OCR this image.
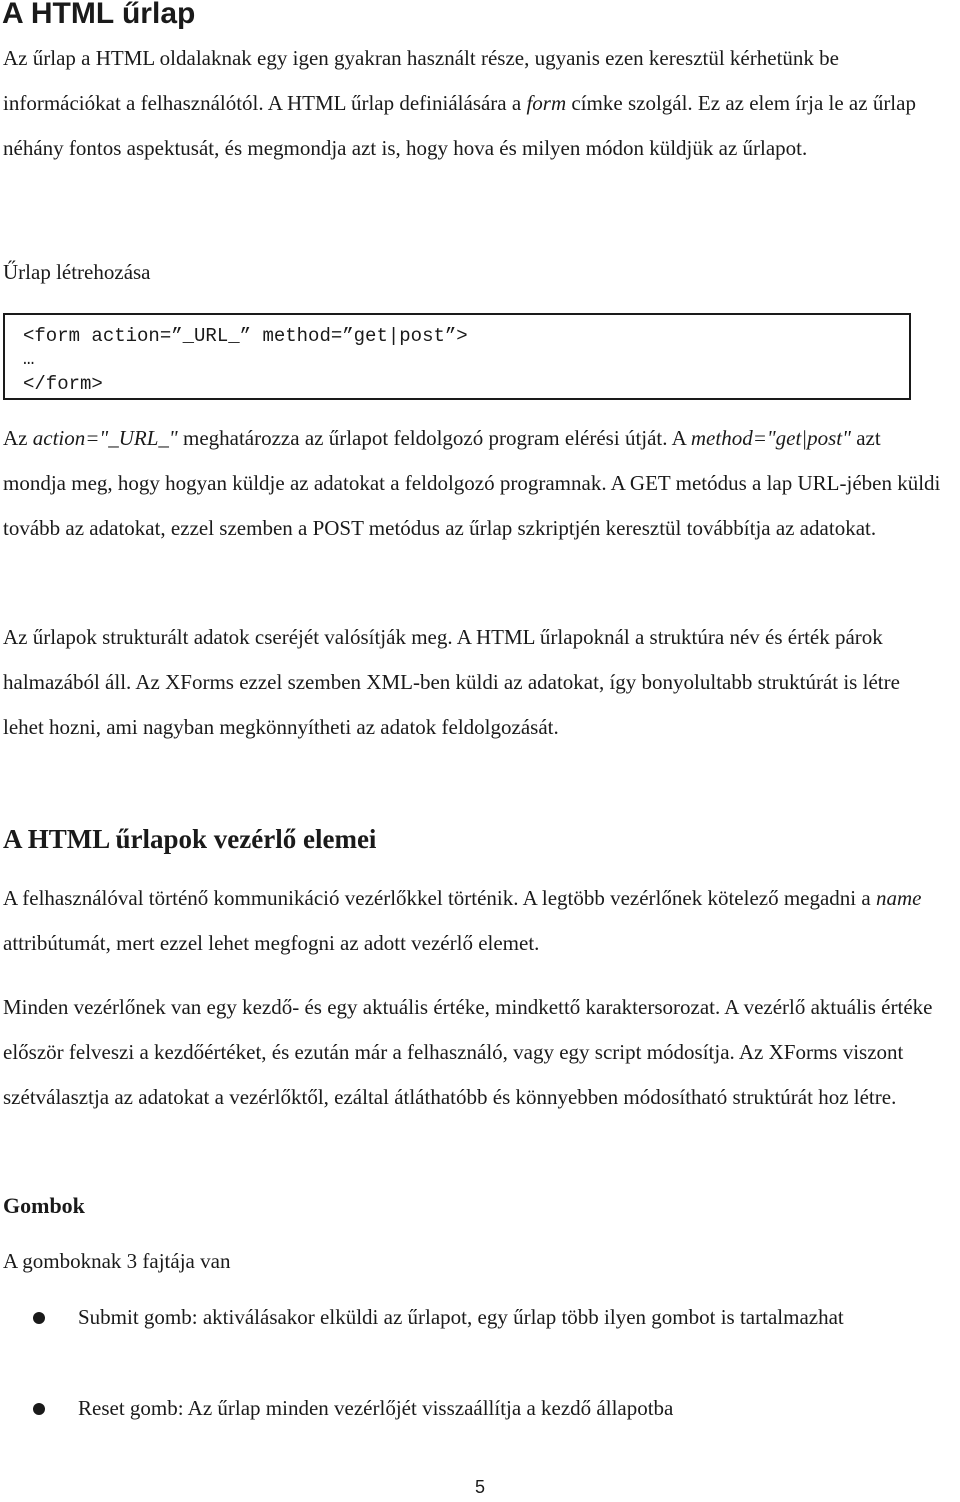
A HTML űrlap

Az űrlap a HTML oldalaknak egy igen gyakran használt része, ugyanis ezen keresztül kérhetünk be információkat a felhasználótól. A HTML űrlap definiálására a form címke szolgál. Ez az elem írja le az űrlap néhány fontos aspektusát, és megmondja azt is, hogy hova és milyen módon küldjük az űrlapot.

Űrlap létrehozása

<form action=”_URL_” method=”get|post”>
…
</form>

Az action="_URL_" meghatározza az űrlapot feldolgozó program elérési útját. A method="get|post" azt mondja meg, hogy hogyan küldje az adatokat a feldolgozó programnak. A GET metódus a lap URL-jében küldi tovább az adatokat, ezzel szemben a POST metódus az űrlap szkriptjén keresztül továbbítja az adatokat.

Az űrlapok strukturált adatok cseréjét valósítják meg. A HTML űrlapoknál a struktúra név és érték párok halmazából áll. Az XForms ezzel szemben XML-ben küldi az adatokat, így bonyolultabb struktúrát is létre lehet hozni, ami nagyban megkönnyítheti az adatok feldolgozását.

A HTML űrlapok vezérlő elemei

A felhasználóval történő kommunikáció vezérlőkkel történik. A legtöbb vezérlőnek kötelező megadni a name attribútumát, mert ezzel lehet megfogni az adott vezérlő elemet.

Minden vezérlőnek van egy kezdő- és egy aktuális értéke, mindkettő karaktersorozat. A vezérlő aktuális értéke először felveszi a kezdőértéket, és ezután már a felhasználó, vagy egy script módosítja. Az XForms viszont szétválasztja az adatokat a vezérlőktől, ezáltal átláthatóbb és könnyebben módosítható struktúrát hoz létre.

Gombok

A gomboknak 3 fajtája van

Submit gomb: aktiválásakor elküldi az űrlapot, egy űrlap több ilyen gombot is tartalmazhat

Reset gomb: Az űrlap minden vezérlőjét visszaállítja a kezdő állapotba

5
